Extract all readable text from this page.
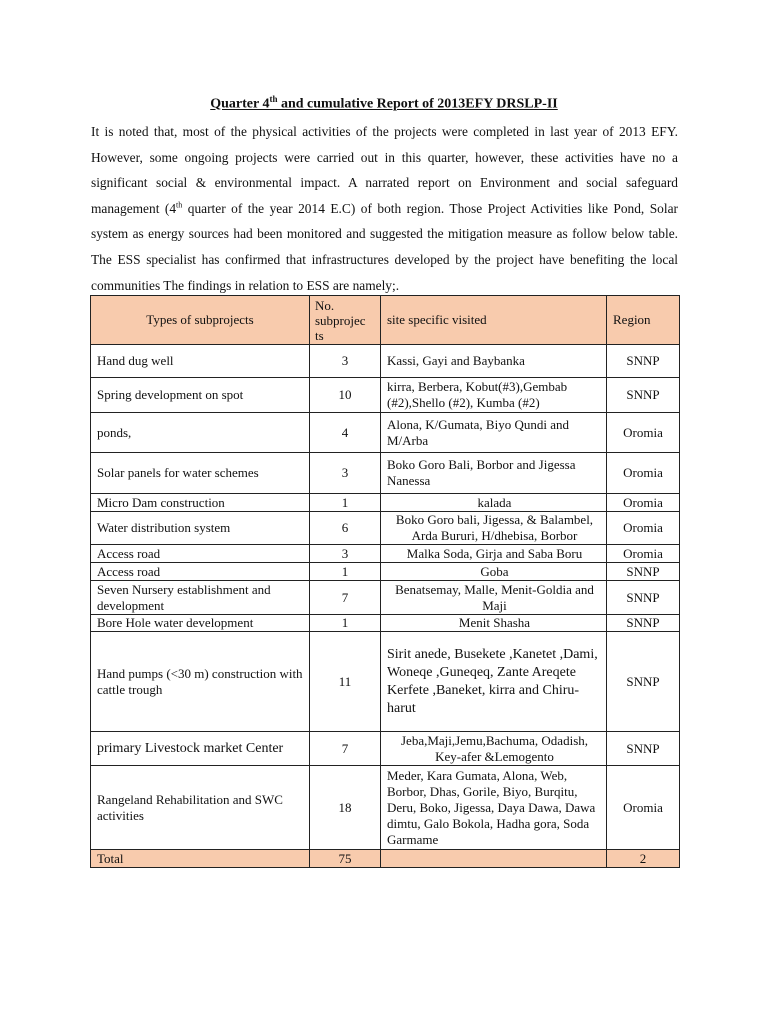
Quarter 4th and cumulative Report of 2013EFY DRSLP-II
It is noted that, most of the physical activities of the projects were completed in last year of 2013 EFY. However, some ongoing projects were carried out in this quarter, however, these activities have no a significant social & environmental impact. A narrated report on Environment and social safeguard management (4th quarter of the year 2014 E.C) of both region. Those Project Activities like Pond, Solar system as energy sources had been monitored and suggested the mitigation measure as follow below table. The ESS specialist has confirmed that infrastructures developed by the project have benefiting the local communities The findings in relation to ESS are namely;.
Types of subprojects	No. subprojec ts	site specific visited	Region
Hand dug well	3	Kassi, Gayi and Baybanka	SNNP
Spring development on spot	10	kirra, Berbera, Kobut(#3),Gembab (#2),Shello (#2), Kumba (#2)	SNNP
ponds,	4	Alona, K/Gumata, Biyo Qundi and M/Arba	Oromia
Solar panels for water schemes	3	Boko Goro Bali, Borbor and Jigessa Nanessa	Oromia
Micro Dam construction	1	kalada	Oromia
Water distribution system	6	Boko Goro bali, Jigessa, & Balambel, Arda Bururi, H/dhebisa, Borbor	Oromia
Access road	3	Malka Soda, Girja and Saba Boru	Oromia
Access road	1	Goba	SNNP
Seven Nursery establishment and development	7	Benatsemay, Malle, Menit-Goldia and Maji	SNNP
Bore Hole water development	1	Menit Shasha	SNNP
Hand pumps (<30 m) construction with cattle trough	11	Sirit anede, Busekete ,Kanetet ,Dami, Woneqe ,Guneqeq, Zante Areqete Kerfete ,Baneket, kirra and Chiru-harut	SNNP
primary Livestock market Center	7	Jeba,Maji,Jemu,Bachuma, Odadish, Key-afer &Lemogento	SNNP
Rangeland Rehabilitation and SWC activities	18	Meder, Kara Gumata, Alona, Web, Borbor, Dhas, Gorile, Biyo, Burqitu, Deru, Boko, Jigessa, Daya Dawa, Dawa dimtu, Galo Bokola, Hadha gora, Soda Garmame	Oromia
Total	75		2
